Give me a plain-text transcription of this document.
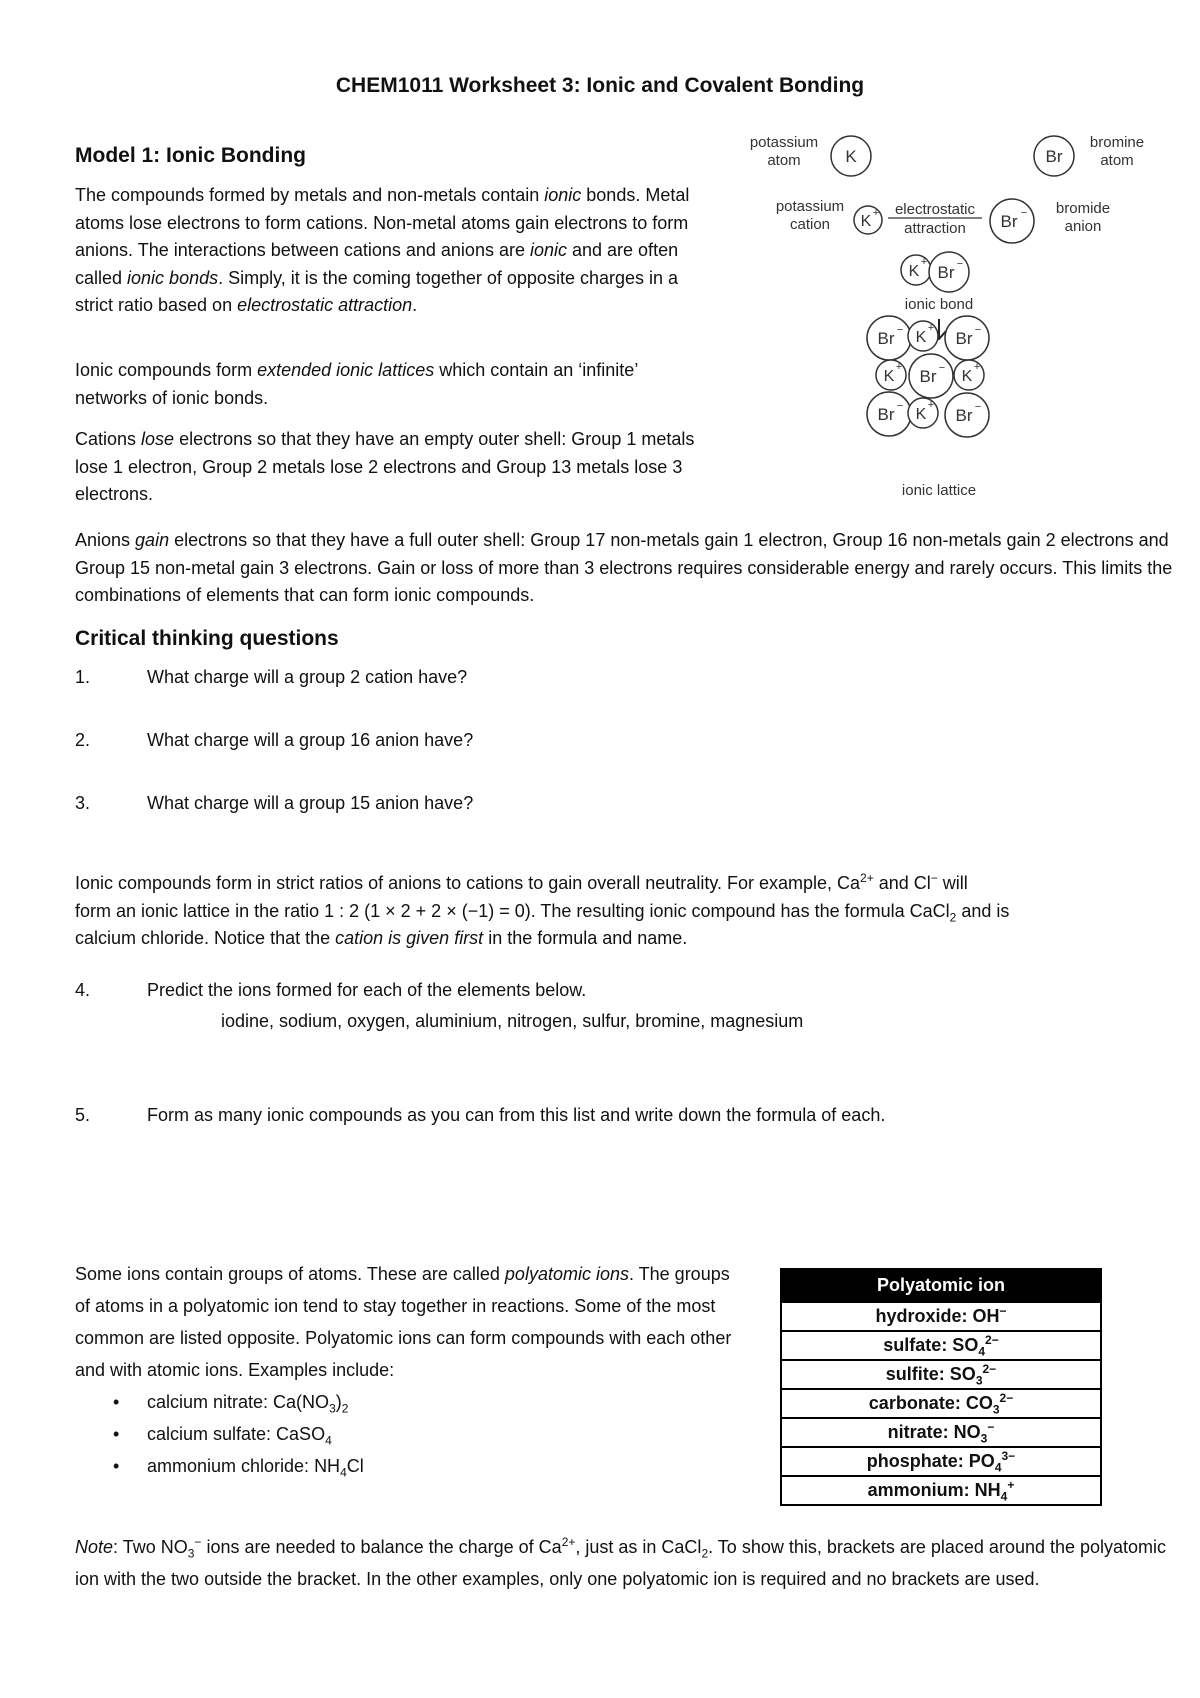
CHEM1011 Worksheet 3: Ionic and Covalent Bonding
Model 1: Ionic Bonding
The compounds formed by metals and non-metals contain ionic bonds. Metal atoms lose electrons to form cations. Non-metal atoms gain electrons to form anions. The interactions between cations and anions are ionic and are often called ionic bonds. Simply, it is the coming together of opposite charges in a strict ratio based on electrostatic attraction.
Ionic compounds form extended ionic lattices which contain an ‘infinite’ networks of ionic bonds.
Cations lose electrons so that they have an empty outer shell: Group 1 metals lose 1 electron, Group 2 metals lose 2 electrons and Group 13 metals lose 3 electrons.
Anions gain electrons so that they have a full outer shell: Group 17 non-metals gain 1 electron, Group 16 non-metals gain 2 electrons and Group 15 non-metal gain 3 electrons. Gain or loss of more than 3 electrons requires considerable energy and rarely occurs. This limits the combinations of elements that can form ionic compounds.
potassium
atom	K	Br
bromine
atom
potassium
cation K + electrostatic
attraction Br − bromide
anion
K
+
Br −
ionic bond
Br − K
+
Br −
K
+ Br − K
+
Br − K
+
Br −
ionic lattice
Critical thinking questions
1.	What charge will a group 2 cation have?
2.	What charge will a group 16 anion have?
3.	What charge will a group 15 anion have?
Ionic compounds form in strict ratios of anions to cations to gain overall neutrality. For example, $Ca^{2+}$ and Cl− will
form an ionic lattice in the ratio 1 : 2 (1 × 2 + 2 × (−1) = 0). The resulting ionic compound has the formula CaCl$_2$ and is
calcium chloride. Notice that the cation is given first in the formula and name.
4.	Predict the ions formed for each of the elements below.
iodine, sodium, oxygen, aluminium, nitrogen, sulfur, bromine, magnesium
5.	Form as many ionic compounds as you can from this list and write down the formula of each.
Some ions contain groups of atoms. These are called polyatomic ions. The groups of atoms in a polyatomic ion tend to stay together in reactions. Some of the most common are listed opposite. Polyatomic ions can form compounds with each other and with atomic ions. Examples include:
• calcium nitrate: $Ca(NO_3)_2$
• calcium sulfate: CaSO$_4$
• ammonium chloride: $NH_4Cl$
Polyatomic ion
hydroxide: OH−
sulfate: $SO_4^{2-}$
sulfite: $SO_3^{2-}$
carbonate: $CO_3^{2-}$
nitrate: $NO_3^-$
phosphate: $PO_4^{3-}$
ammonium: $NH_4^+$
Note: Two $NO_3^-$ ions are needed to balance the charge of $Ca^{2+}$, just as in CaCl$_2$. To show this, brackets are placed around the polyatomic ion with the two outside the bracket. In the other examples, only one polyatomic ion is required and no brackets are used.
